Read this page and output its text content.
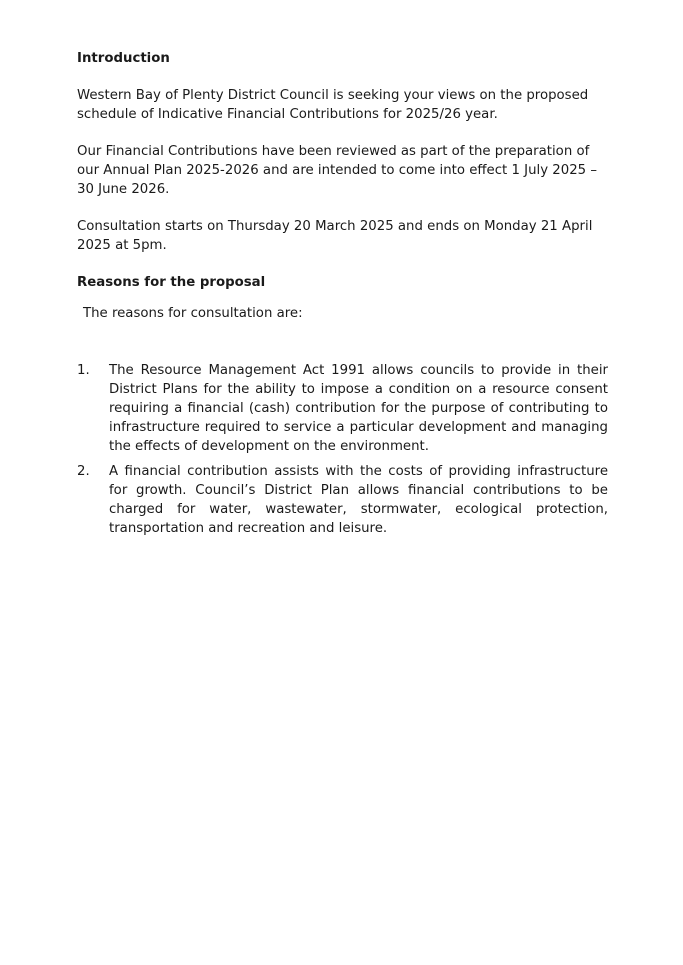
Introduction

Western Bay of Plenty District Council is seeking your views on the proposed schedule of Indicative Financial Contributions for 2025/26 year.

Our Financial Contributions have been reviewed as part of the preparation of our Annual Plan 2025-2026 and are intended to come into effect 1 July 2025 – 30 June 2026.

Consultation starts on Thursday 20 March 2025 and ends on Monday 21 April 2025 at 5pm.

Reasons for the proposal

The reasons for consultation are:

1.	The Resource Management Act 1991 allows councils to provide in their District Plans for the ability to impose a condition on a resource consent requiring a financial (cash) contribution for the purpose of contributing to infrastructure required to service a particular development and managing the effects of development on the environment.
2.	A financial contribution assists with the costs of providing infrastructure for growth. Council’s District Plan allows financial contributions to be charged for water, wastewater, stormwater, ecological protection, transportation and recreation and leisure.
